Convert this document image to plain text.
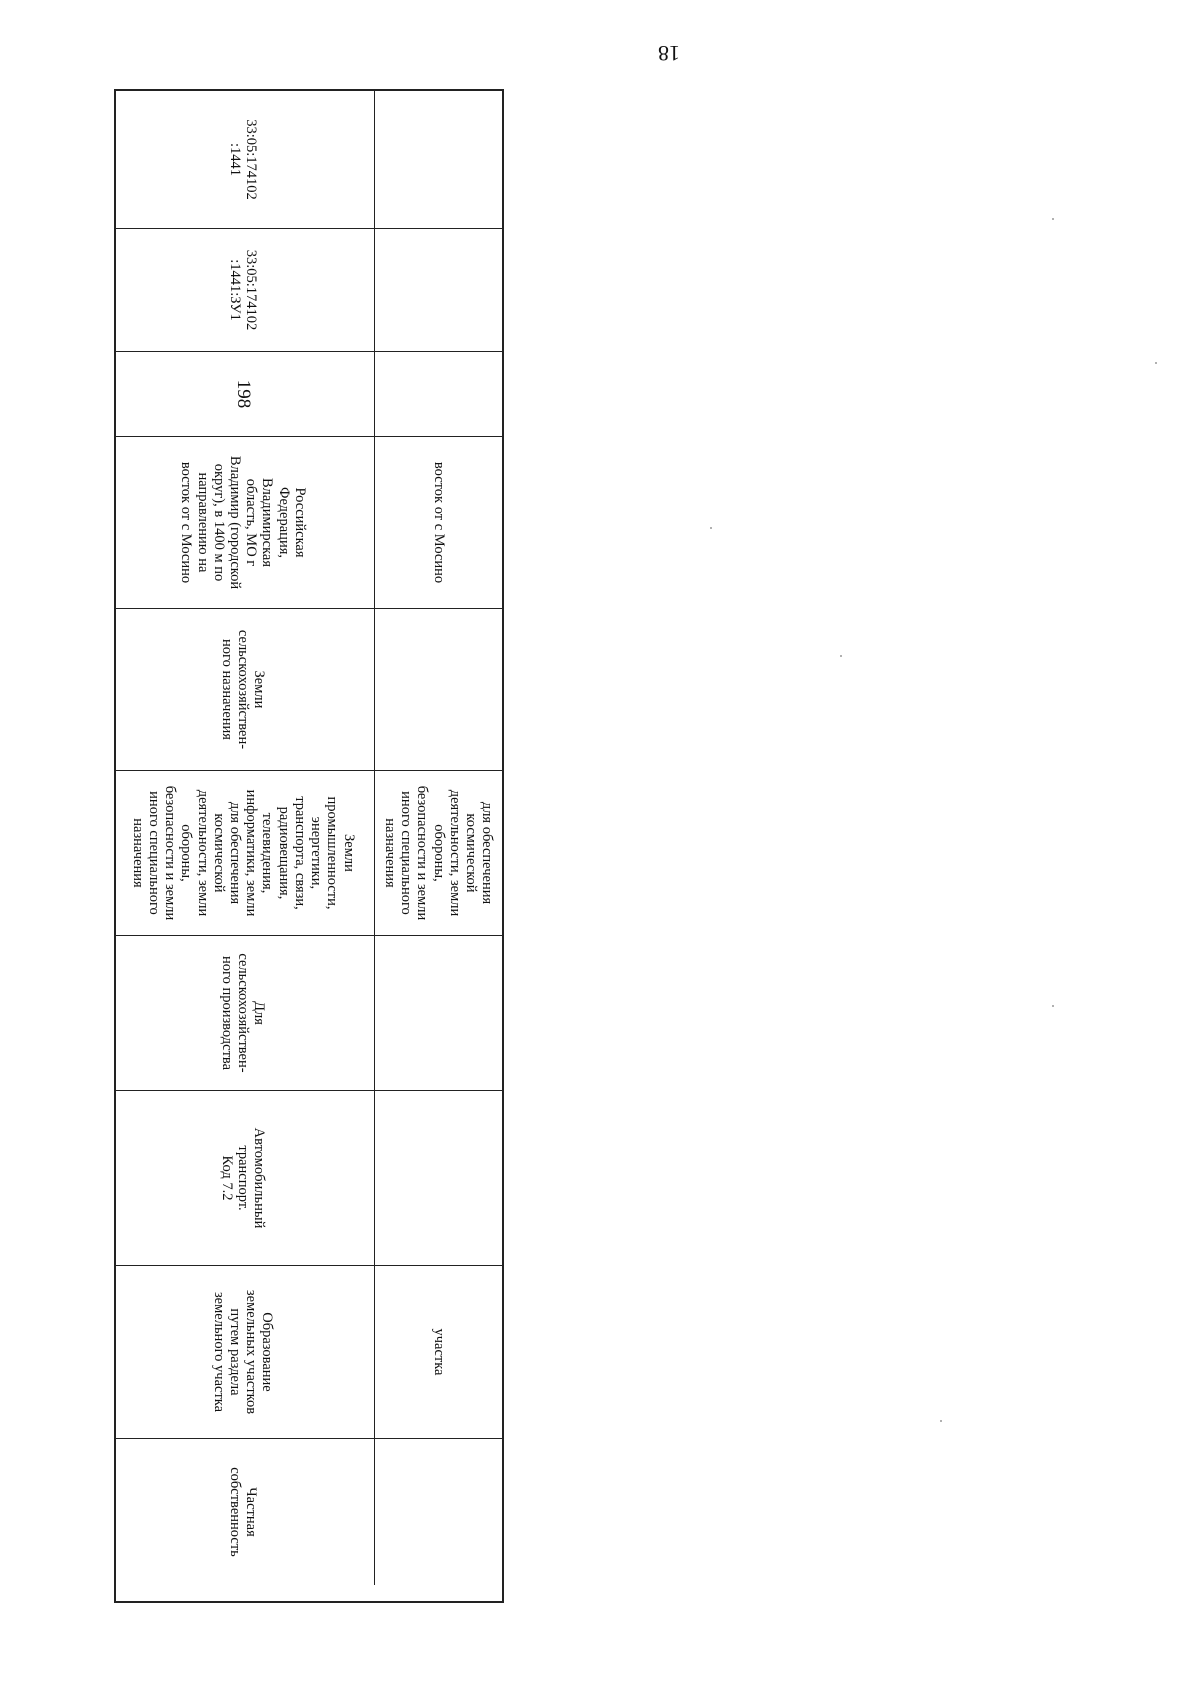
18
восток от с Мосино
для обеспечения
космической
деятельности, земли
обороны,
безопасности и земли
иного специального
назначения
участка
33:05:174102
:1441
33:05:174102
:1441:ЗУ1
198
Российская
Федерация,
Владимирская
область, МО г
Владимир (городской
округ), в 1400 м по
направлению на
восток от с Мосино
Земли
сельскохозяйствен-
ного назначения
Земли
промышленности,
энергетики,
транспорта, связи,
радиовещания,
телевидения,
информатики, земли
для обеспечения
космической
деятельности, земли
обороны,
безопасности и земли
иного специального
назначения
Для
сельскохозяйствен-
ного производства
Автомобильный
транспорт.
Код 7.2
Образование
земельных участков
путем раздела
земельного участка
Частная
собственность
